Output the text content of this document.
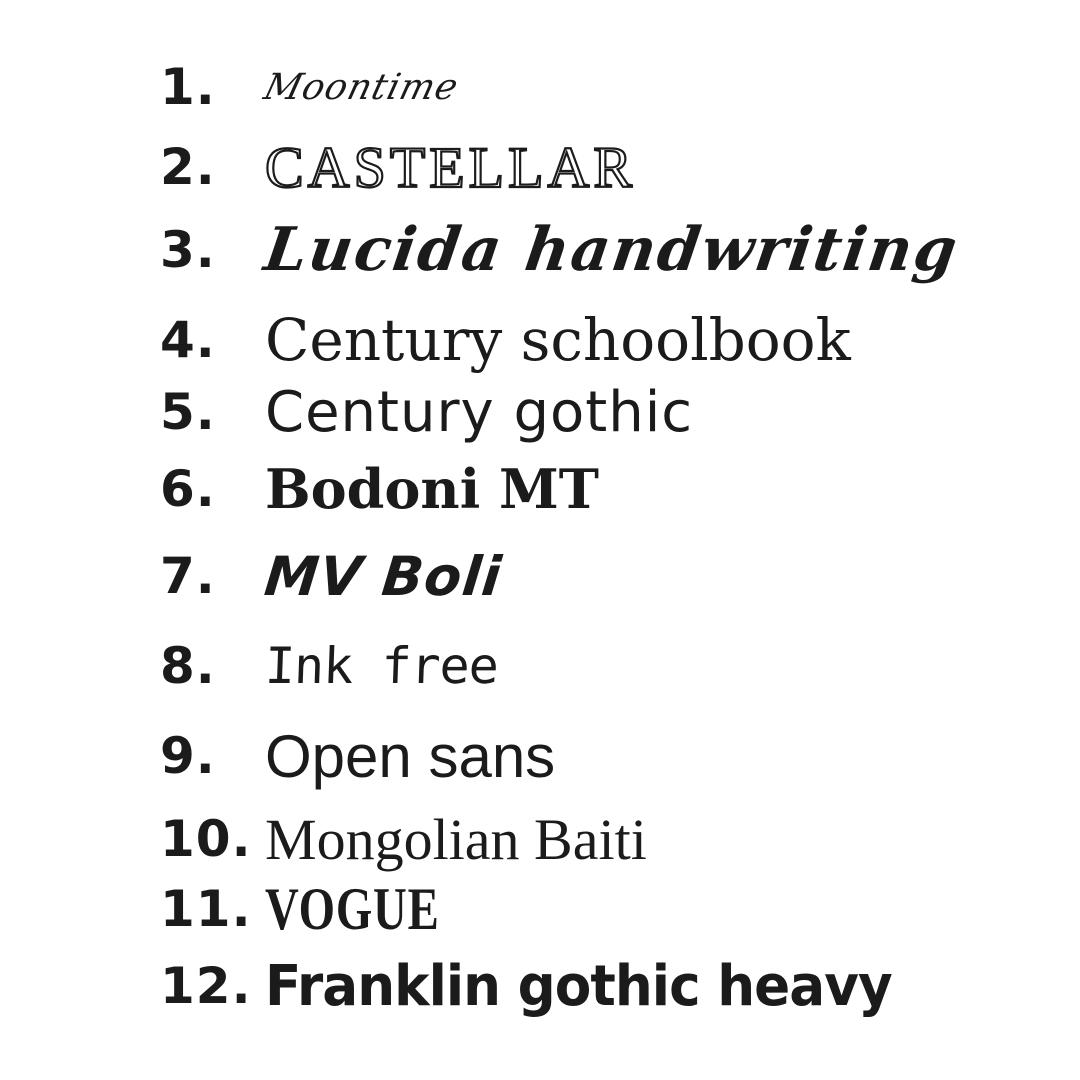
1.	Moontime
2. CASTELLAR
3. Lucida handwriting
4. Century schoolbook
5. Century gothic
6. Bodoni MT
7. MV Boli
8. Ink free
9. Open sans
10. Mongolian Baiti
11. VOGUE
12. Franklin gothic heavy
